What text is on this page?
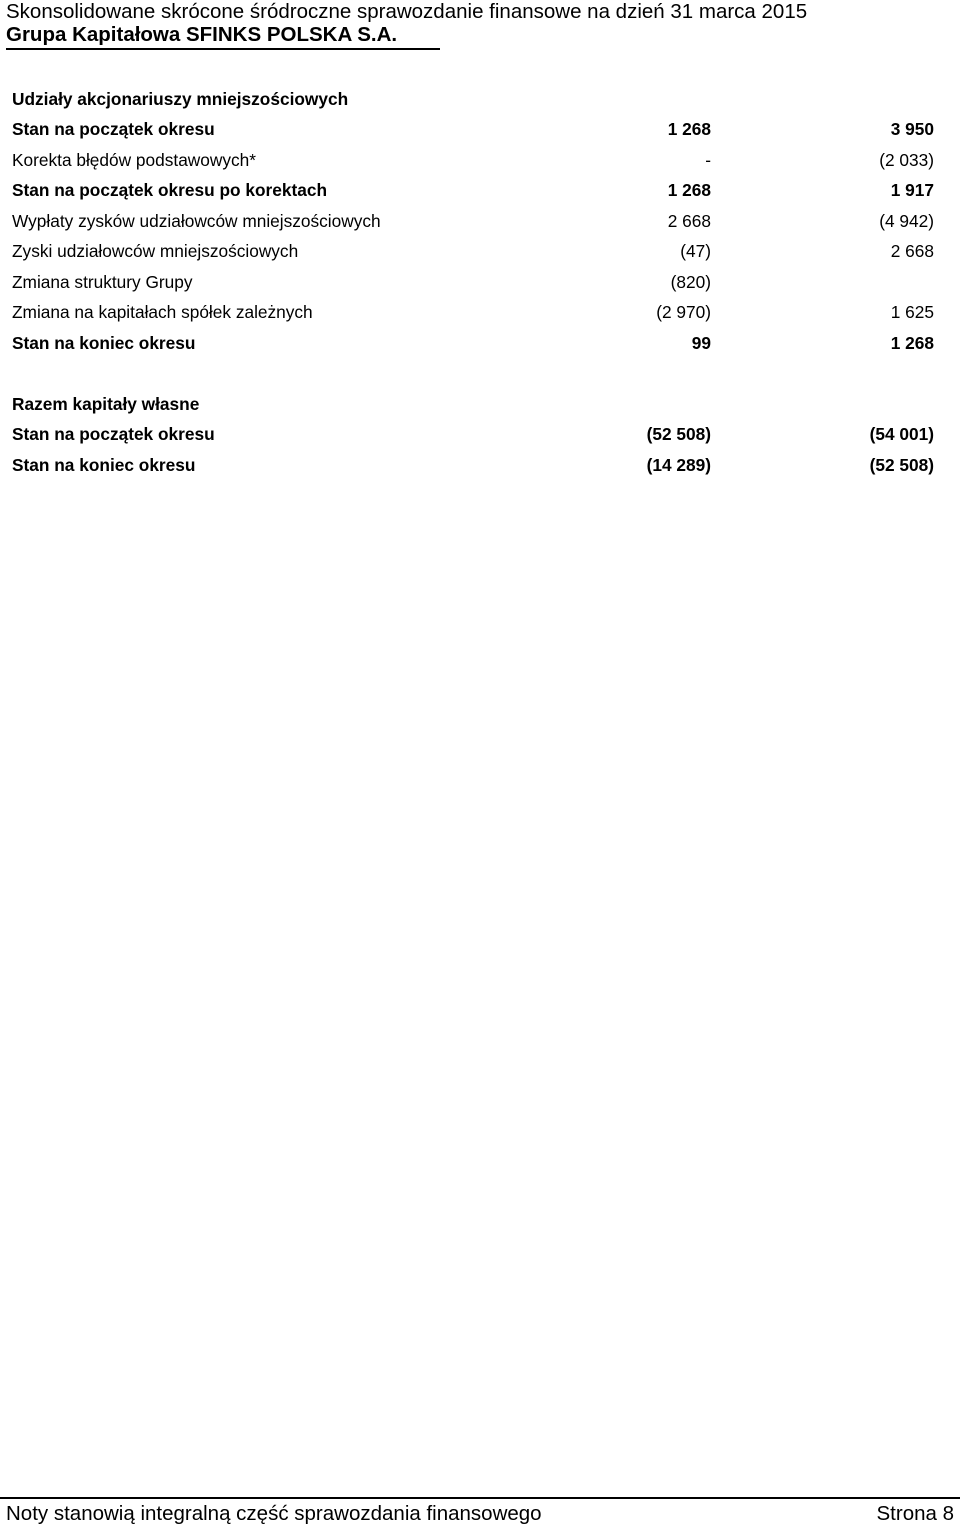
Skonsolidowane skrócone śródroczne sprawozdanie finansowe na dzień 31 marca 2015
Grupa Kapitałowa SFINKS POLSKA S.A.
Udziały akcjonariuszy mniejszościowych
Stan na początek okresu	1 268	3 950
Korekta błędów podstawowych*	-	(2 033)
Stan na początek okresu po korektach	1 268	1 917
Wypłaty zysków udziałowców mniejszościowych	2 668	(4 942)
Zyski udziałowców mniejszościowych	(47)	2 668
Zmiana struktury Grupy	(820)
Zmiana na kapitałach spółek zależnych	(2 970)	1 625
Stan na koniec okresu	99	1 268
Razem kapitały własne
Stan na początek okresu	(52 508)	(54 001)
Stan na koniec okresu	(14 289)	(52 508)
Noty stanowią integralną część sprawozdania finansowego	Strona 8
